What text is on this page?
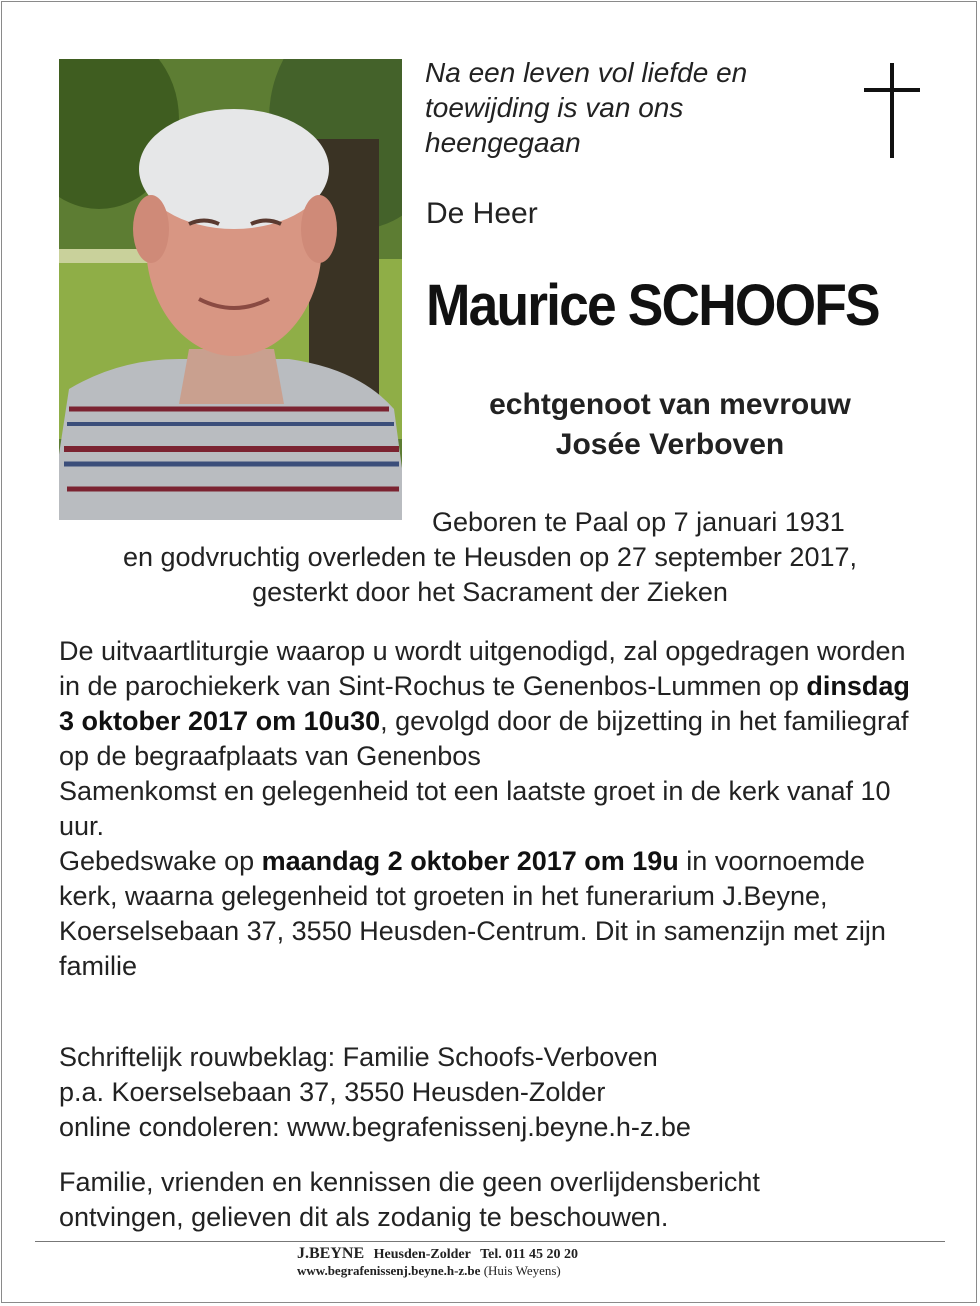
Na een leven vol liefde en
toewijding is van ons
heengegaan
De Heer
Maurice SCHOOFS
echtgenoot van mevrouw
Josée Verboven
Geboren te Paal op 7 januari 1931
en godvruchtig overleden te Heusden op 27 september 2017,
gesterkt door het Sacrament der Zieken

De uitvaartliturgie waarop u wordt uitgenodigd, zal opgedragen worden in de parochiekerk van Sint-Rochus te Genenbos-Lummen op dinsdag 3 oktober 2017 om 10u30, gevolgd door de bijzetting in het familiegraf op de begraafplaats van Genenbos

Samenkomst en gelegenheid tot een laatste groet in de kerk vanaf 10 uur.

Gebedswake op maandag 2 oktober 2017 om 19u in voornoemde kerk, waarna gelegenheid tot groeten in het funerarium J.Beyne, Koerselsebaan 37, 3550 Heusden-Centrum. Dit in samenzijn met zijn familie

Schriftelijk rouwbeklag: Familie Schoofs-Verboven
p.a. Koerselsebaan 37, 3550 Heusden-Zolder
online condoleren: www.begrafenissenj.beyne.h-z.be
Familie, vrienden en kennissen die geen overlijdensbericht
ontvingen, gelieven dit als zodanig te beschouwen.
J.BEYNE Heusden-Zolder Tel. 011 45 20 20
www.begrafenissenj.beyne.h-z.be (Huis Weyens)
